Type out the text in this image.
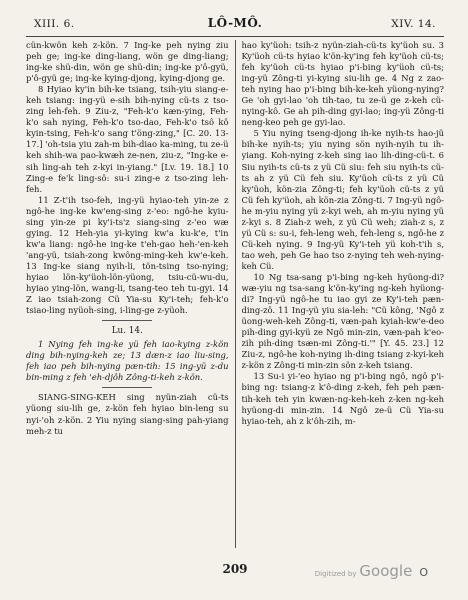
XIII. 6.	LÔ-MÔ.	XIV. 14.

cün-kwön keh z-kön. 7 Ing-ke peh nying ziu peh ge; ing-ke ding-liang, wön ge ding-liang; ing-ke shü-din, wön ge shü-din; ing-ke p'ô-gyü, p'ô-gyü ge; ing-ke kying-djong, kying-djong ge.

8 Hyiao ky'in bih-ke tsiang, tsih-yiu siang-e-keh tsiang: ing-yü e-sih bih-nying cü-ts z tso-zing leh-feh. 9 Ziu-z, "Feh-k'o kæn-ying, Feh-k'o sah nying, Feh-k'o tso-dao, Feh-k'o tsô kô kyin-tsing, Feh-k'o sang t'öng-zing," [C. 20. 13-17.] 'oh-tsia yiu zah-m bih-diao ka-ming, tu ze-ü keh shih-wa pao-kwæh ze-nen, ziu-z, "Ing-ke e-sih ling-ah teh z-kyi in-yiang." [Lv. 19. 18.] 10 Zing-e fe'k ling-sô: su-i zing-e z tso-zing leh-feh.

11 Z-t'ih tso-feh, ing-yü hyiao-teh yin-ze z ngô-he ing-ke kw'eng-sing z-'eo: ngô-he kyiu-sing yin-ze pi ky'i-ts'z siang-sing z-'eo wæ gying. 12 Heh-yia yi-kying kw'a ku-k'e, t'in kw'a liang: ngô-he ing-ke t'eh-gao heh-'en-keh 'ang-yü, tsiah-zong kwông-ming-keh kw'e-keh. 13 Ing-ke siang nyih-li, tön-tsing tso-nying; hyiao lön-ky'üoh-lön-yüong, tsiu-cü-wu-du, hyiao ying-lön, wang-li, tsang-teo teh tu-gyi. 14 Z iao tsiah-zong Cü Yia-su Ky'i-teh; feh-k'o tsiao-ling nyüoh-sing, i-ling-ge z-yüoh.

Lu. 14.

1 Nying feh ing-ke yü feh iao-kying z-kön ding bih-nying-keh ze; 13 dæn-z iao liu-sing, feh iao peh bih-nying pæn-tih: 15 ing-yü z-du bin-ming z feh 'eh-djôh Zông-ti-keh z-kön.

SIANG-SING-KEH sing nyün-ziah cü-ts yüong siu-lih ge, z-kön feh hyiao bin-leng su nyi-'oh z-kön. 2 Yiu nying siang-sing pah-yiang meh-z tu

hao ky'üoh: tsih-z nyün-ziah-cü-ts ky'üoh su. 3 Ky'üoh cü-ts hyiao k'ön-ky'ing feh ky'üoh cü-ts; feh ky'üoh cü-ts hyiao p'i-bing ky'üoh cü-ts; ing-yü Zông-ti yi-kying siu-lih ge. 4 Ng z zao-teh nying hao p'i-bing bih-ke-keh yüong-nying? Ge 'oh gyi-lao 'oh tih-tao, tu ze-ü ge z-keh cü-nying-kô. Ge ah pih-ding gyi-lao; ing-yü Zông-ti neng-keo peh ge gyi-lao.

5 Yiu nying tseng-djong ih-ke nyih-ts hao-jü bih-ke nyih-ts; yiu nying sön nyih-nyih tu ih-yiang. Koh-nying z-keh sing iao lih-ding-cü-t. 6 Siu nyih-ts cü-ts z yü Cü siu: feh siu nyih-ts cü-ts ah z yü Cü feh siu. Ky'üoh cü-ts z yü Cü ky'üoh, kön-zia Zông-ti; feh ky'üoh cü-ts z yü Cü feh ky'üoh, ah kön-zia Zông-ti. 7 Ing-yü ngô-he m-yiu nying yü z-kyi weh, ah m-yiu nying yü z-kyi s. 8 Ziah-z weh, z yü Cü weh; ziah-z s, z yü Cü s: su-i, feh-leng weh, feh-leng s, ngô-he z Cü-keh nying. 9 Ing-yü Ky'i-teh yü koh-t'ih s, tao weh, peh Ge hao tso z-nying teh weh-nying-keh Cü.

10 Ng tsa-sang p'i-bing ng-keh hyüong-di? wæ-yiu ng tsa-sang k'ön-ky'ing ng-keh hyüong-di? Ing-yü ngô-he tu iao gyi ze Ky'i-teh pæn-ding-zô. 11 Ing-yü yiu sia-leh: "Cü kông, 'Ngô z üong-weh-keh Zông-ti, væn-pah kyiah-kw'e-deo pih-ding gyi-kyü ze Ngô min-zin, væn-pah k'eo-zih pih-ding tsæn-mi Zông-ti.'" [Y. 45. 23.] 12 Ziu-z, ngô-he koh-nying ih-ding tsiang z-kyi-keh z-kön z Zông-ti min-zin sön z-keh tsiang.

13 Su-i yi-'eo hyiao ng p'i-bing ngô, ngô p'i-bing ng: tsiang-z k'ô-ding z-keh, feh peh pæn-tih-keh teh yin kwæn-ng-keh-keh z-ken ng-keh hyüong-di min-zin. 14 Ngô ze-ü Cü Yia-su hyiao-teh, ah z k'ôh-zih, m-

209	Digitized by Google O
